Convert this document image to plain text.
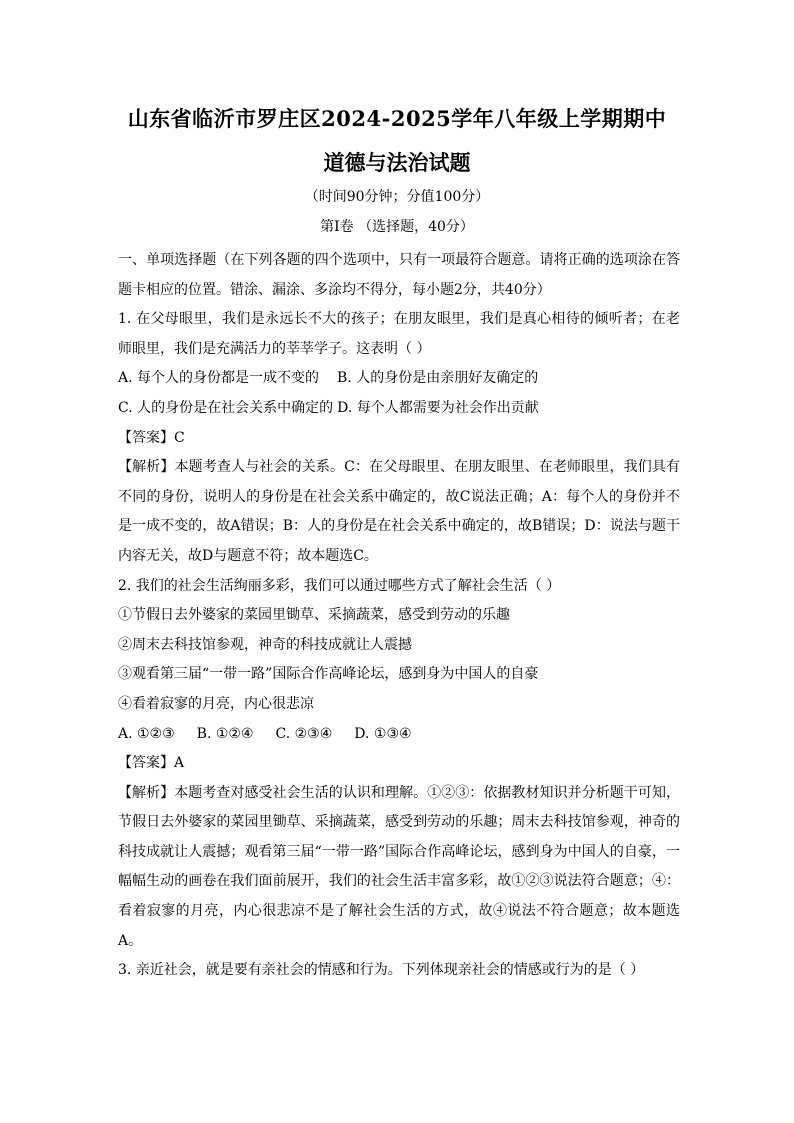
山东省临沂市罗庄区2024-2025学年八年级上学期期中
道德与法治试题
（时间90分钟；分值100分）
第Ⅰ卷 （选择题，40分）

一、单项选择题（在下列各题的四个选项中，只有一项最符合题意。请将正确的选项涂在答题卡相应的位置。错涂、漏涂、多涂均不得分，每小题2分，共40分）

1. 在父母眼里，我们是永远长不大的孩子；在朋友眼里，我们是真心相待的倾听者；在老师眼里，我们是充满活力的莘莘学子。这表明（ ）

A. 每个人的身份都是一成不变的 B. 人的身份是由亲朋好友确定的

C. 人的身份是在社会关系中确定的 D. 每个人都需要为社会作出贡献

【答案】C

【解析】本题考查人与社会的关系。C：在父母眼里、在朋友眼里、在老师眼里，我们具有不同的身份，说明人的身份是在社会关系中确定的，故C说法正确；A：每个人的身份并不是一成不变的，故A错误；B：人的身份是在社会关系中确定的，故B错误；D：说法与题干内容无关，故D与题意不符；故本题选C。

2. 我们的社会生活绚丽多彩，我们可以通过哪些方式了解社会生活（ ）

①节假日去外婆家的菜园里锄草、采摘蔬菜，感受到劳动的乐趣

②周末去科技馆参观，神奇的科技成就让人震撼

③观看第三届“一带一路”国际合作高峰论坛，感到身为中国人的自豪

④看着寂寥的月亮，内心很悲凉

A. ①②③ B. ①②④ C. ②③④ D. ①③④

【答案】A

【解析】本题考查对感受社会生活的认识和理解。①②③：依据教材知识并分析题干可知，节假日去外婆家的菜园里锄草、采摘蔬菜，感受到劳动的乐趣；周末去科技馆参观，神奇的科技成就让人震撼；观看第三届“一带一路”国际合作高峰论坛，感到身为中国人的自豪，一幅幅生动的画卷在我们面前展开，我们的社会生活丰富多彩，故①②③说法符合题意；④：看着寂寥的月亮，内心很悲凉不是了解社会生活的方式，故④说法不符合题意；故本题选A。

3. 亲近社会，就是要有亲社会的情感和行为。下列体现亲社会的情感或行为的是（ ）
